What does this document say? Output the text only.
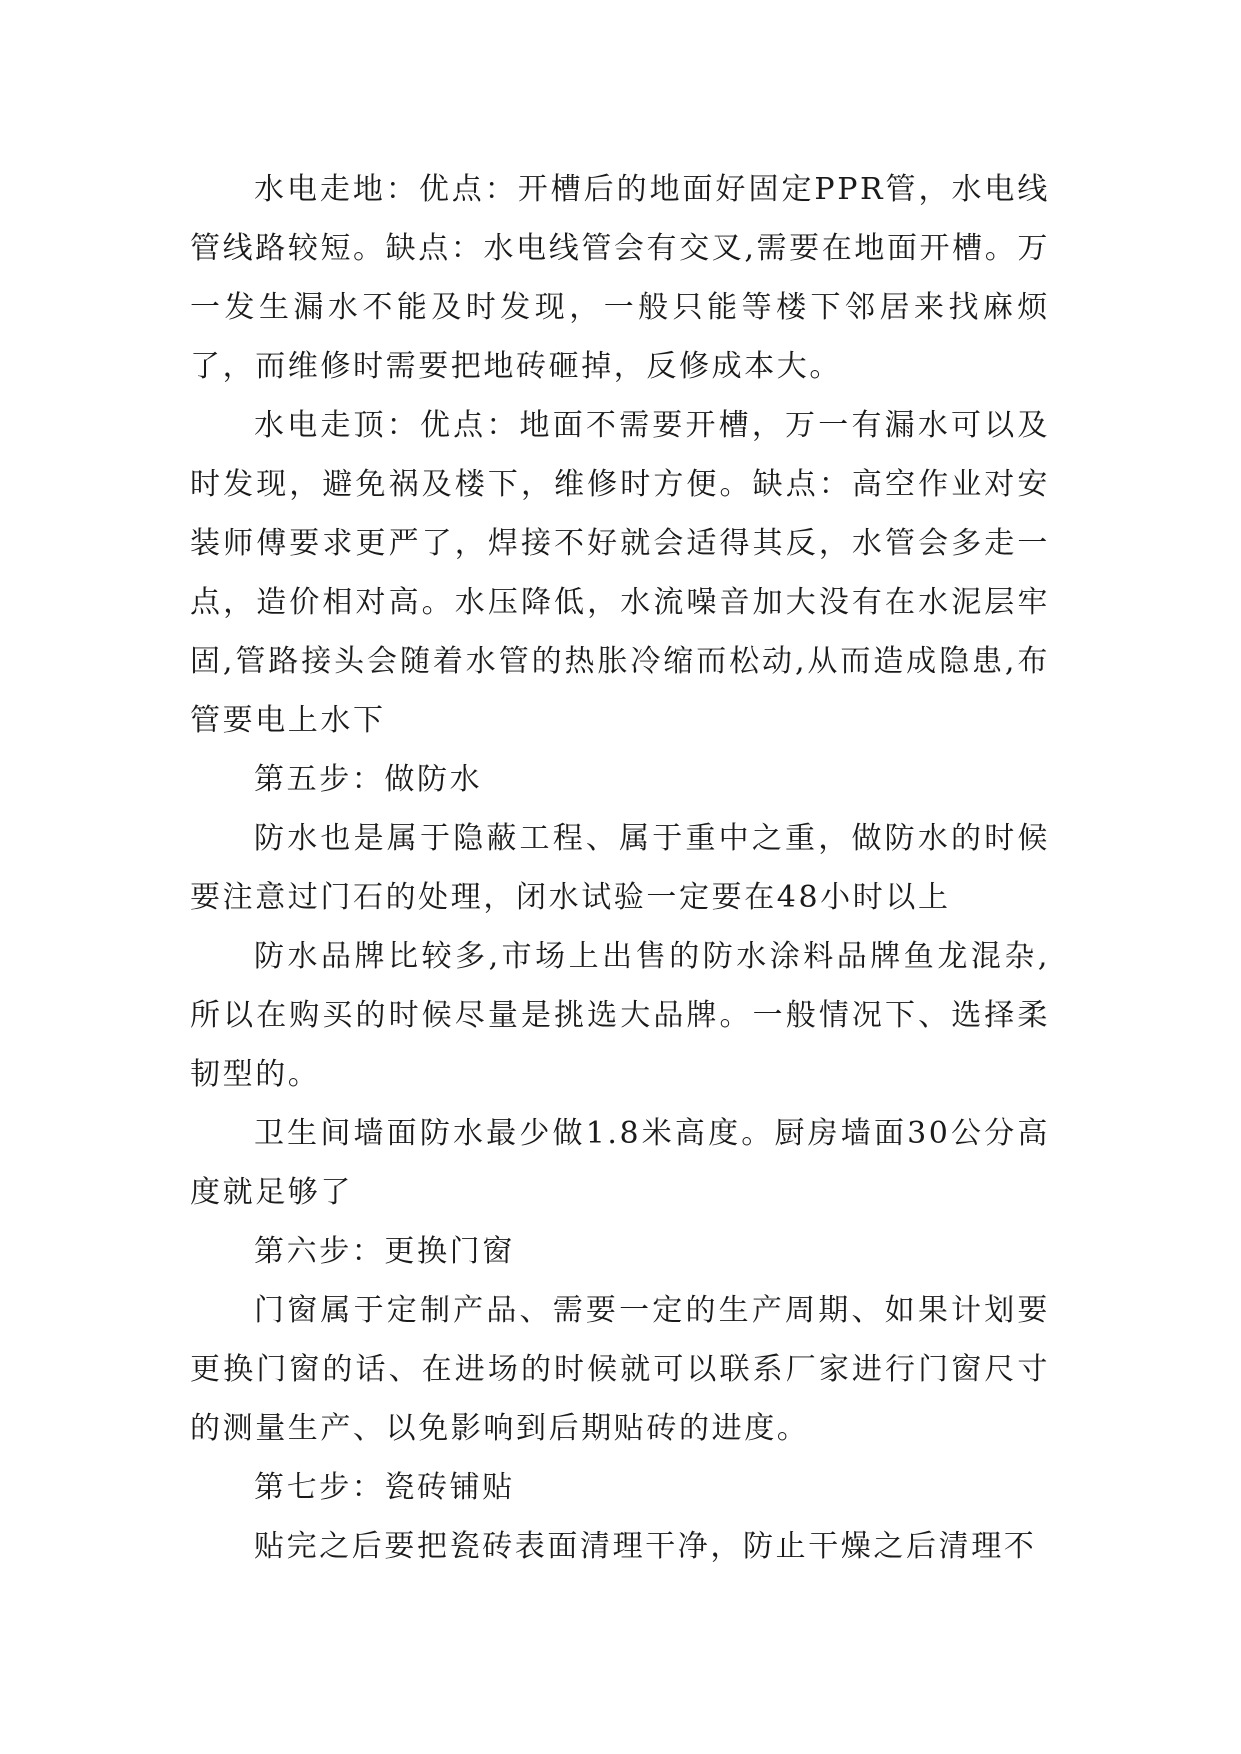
水电走地：优点：开槽后的地面好固定PPR管，水电线管线路较短。缺点：水电线管会有交叉,需要在地面开槽。万一发生漏水不能及时发现，一般只能等楼下邻居来找麻烦了，而维修时需要把地砖砸掉，反修成本大。

水电走顶：优点：地面不需要开槽，万一有漏水可以及时发现，避免祸及楼下，维修时方便。缺点：高空作业对安装师傅要求更严了，焊接不好就会适得其反，水管会多走一点，造价相对高。水压降低，水流噪音加大没有在水泥层牢固,管路接头会随着水管的热胀冷缩而松动,从而造成隐患,布管要电上水下

第五步：做防水

防水也是属于隐蔽工程、属于重中之重，做防水的时候要注意过门石的处理，闭水试验一定要在48小时以上

防水品牌比较多,市场上出售的防水涂料品牌鱼龙混杂,所以在购买的时候尽量是挑选大品牌。一般情况下、选择柔韧型的。

卫生间墙面防水最少做1.8米高度。厨房墙面30公分高度就足够了

第六步：更换门窗

门窗属于定制产品、需要一定的生产周期、如果计划要更换门窗的话、在进场的时候就可以联系厂家进行门窗尺寸的测量生产、以免影响到后期贴砖的进度。

第七步：瓷砖铺贴

贴完之后要把瓷砖表面清理干净，防止干燥之后清理不
